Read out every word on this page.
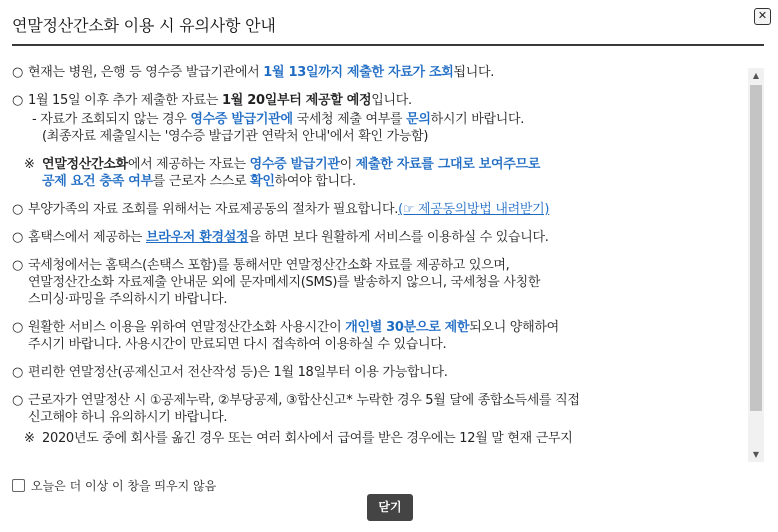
연말정산간소화 이용 시 유의사항 안내
✕
○ 현재는 병원, 은행 등 영수증 발급기관에서 1월 13일까지 제출한 자료가 조회됩니다.
○ 1월 15일 이후 추가 제출한 자료는 1월 20일부터 제공할 예정입니다.
- 자료가 조회되지 않는 경우 영수증 발급기관에 국세청 제출 여부를 문의하시기 바랍니다.
(최종자료 제출일시는 '영수증 발급기관 연락처 안내'에서 확인 가능함)
※ 연말정산간소화에서 제공하는 자료는 영수증 발급기관이 제출한 자료를 그대로 보여주므로
공제 요건 충족 여부를 근로자 스스로 확인하여야 합니다.
○ 부양가족의 자료 조회를 위해서는 자료제공동의 절차가 필요합니다.(☞ 제공동의방법 내려받기)
○ 홈택스에서 제공하는 브라우저 환경설정을 하면 보다 원활하게 서비스를 이용하실 수 있습니다.
○ 국세청에서는 홈택스(손택스 포함)를 통해서만 연말정산간소화 자료를 제공하고 있으며,
연말정산간소화 자료제출 안내문 외에 문자메세지(SMS)를 발송하지 않으니, 국세청을 사칭한
스미싱·파밍을 주의하시기 바랍니다.
○ 원활한 서비스 이용을 위하여 연말정산간소화 사용시간이 개인별 30분으로 제한되오니 양해하여
주시기 바랍니다. 사용시간이 만료되면 다시 접속하여 이용하실 수 있습니다.
○ 편리한 연말정산(공제신고서 전산작성 등)은 1월 18일부터 이용 가능합니다.
○ 근로자가 연말정산 시 ①공제누락, ②부당공제, ③합산신고* 누락한 경우 5월 달에 종합소득세를 직접
신고해야 하니 유의하시기 바랍니다.
※ 2020년도 중에 회사를 옮긴 경우 또는 여러 회사에서 급여를 받은 경우에는 12월 말 현재 근무지
▲
▼
오늘은 더 이상 이 창을 띄우지 않음
닫기
